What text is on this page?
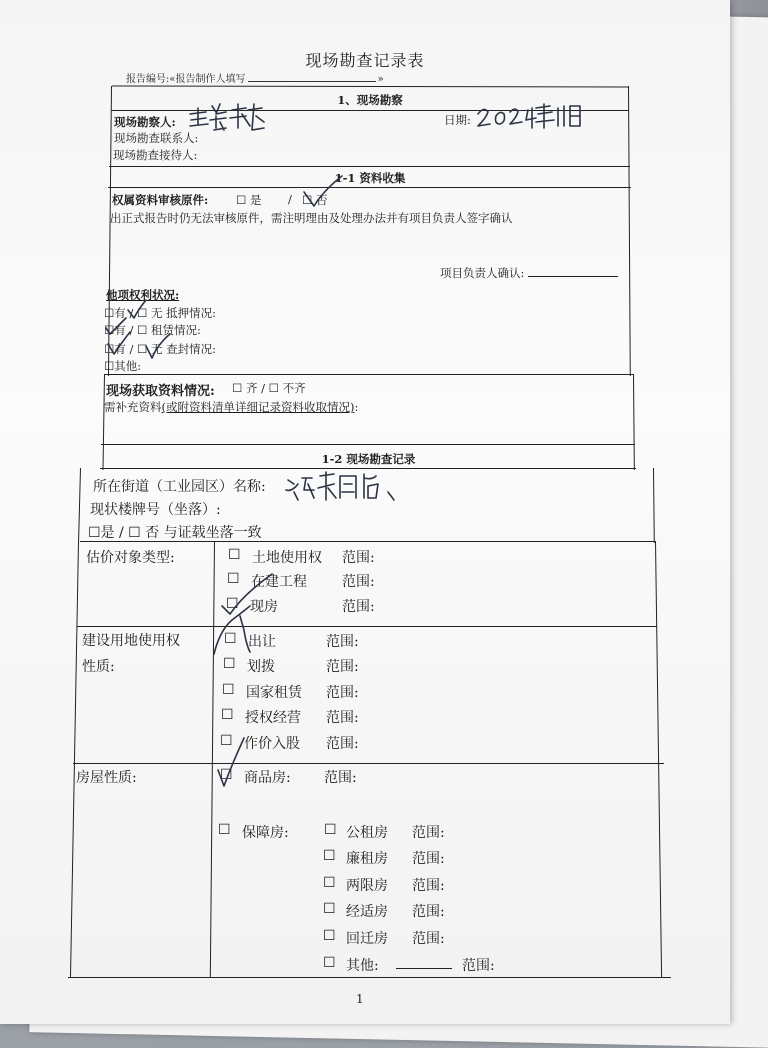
现场勘查记录表
报告编号:«报告制作人填写	»
1、现场勘察
现场勘察人:
现场勘查联系人:
现场勘查接待人:
日期:
1-1 资料收集
权属资料审核原件: ☐ 是 / ☐ 否
出正式报告时仍无法审核原件，需注明理由及处理办法并有项目负责人签字确认
项目负责人确认:
他项权利状况:
☐有 / ☐ 无 抵押情况:
☐有 / ☐ 租赁情况:
☐有 / ☐ 无 查封情况:
☐其他:
现场获取资料情况: ☐ 齐 / ☐ 不齐
需补充资料(或附资料清单详细记录资料收取情况):
1-2 现场勘查记录
所在街道（工业园区）名称:
现状楼牌号（坐落）:
☐是 / ☐ 否 与证载坐落一致
估价对象类型:	☐ 土地使用权 范围:
☐ 在建工程	范围:
☐ 现房	范围:
建设用地使用权
性质:
☐ 出让	范围:
☐ 划拨	范围:
☐ 国家租赁 范围:
☐ 授权经营 范围:
☐ 作价入股 范围:
房屋性质:	☐ 商品房: 范围:
☐ 保障房:	☐ 公租房 范围:
☐ 廉租房 范围:
☐ 两限房 范围:
☐ 经适房 范围:
☐ 回迁房 范围:
☐ 其他:	范围:
1
